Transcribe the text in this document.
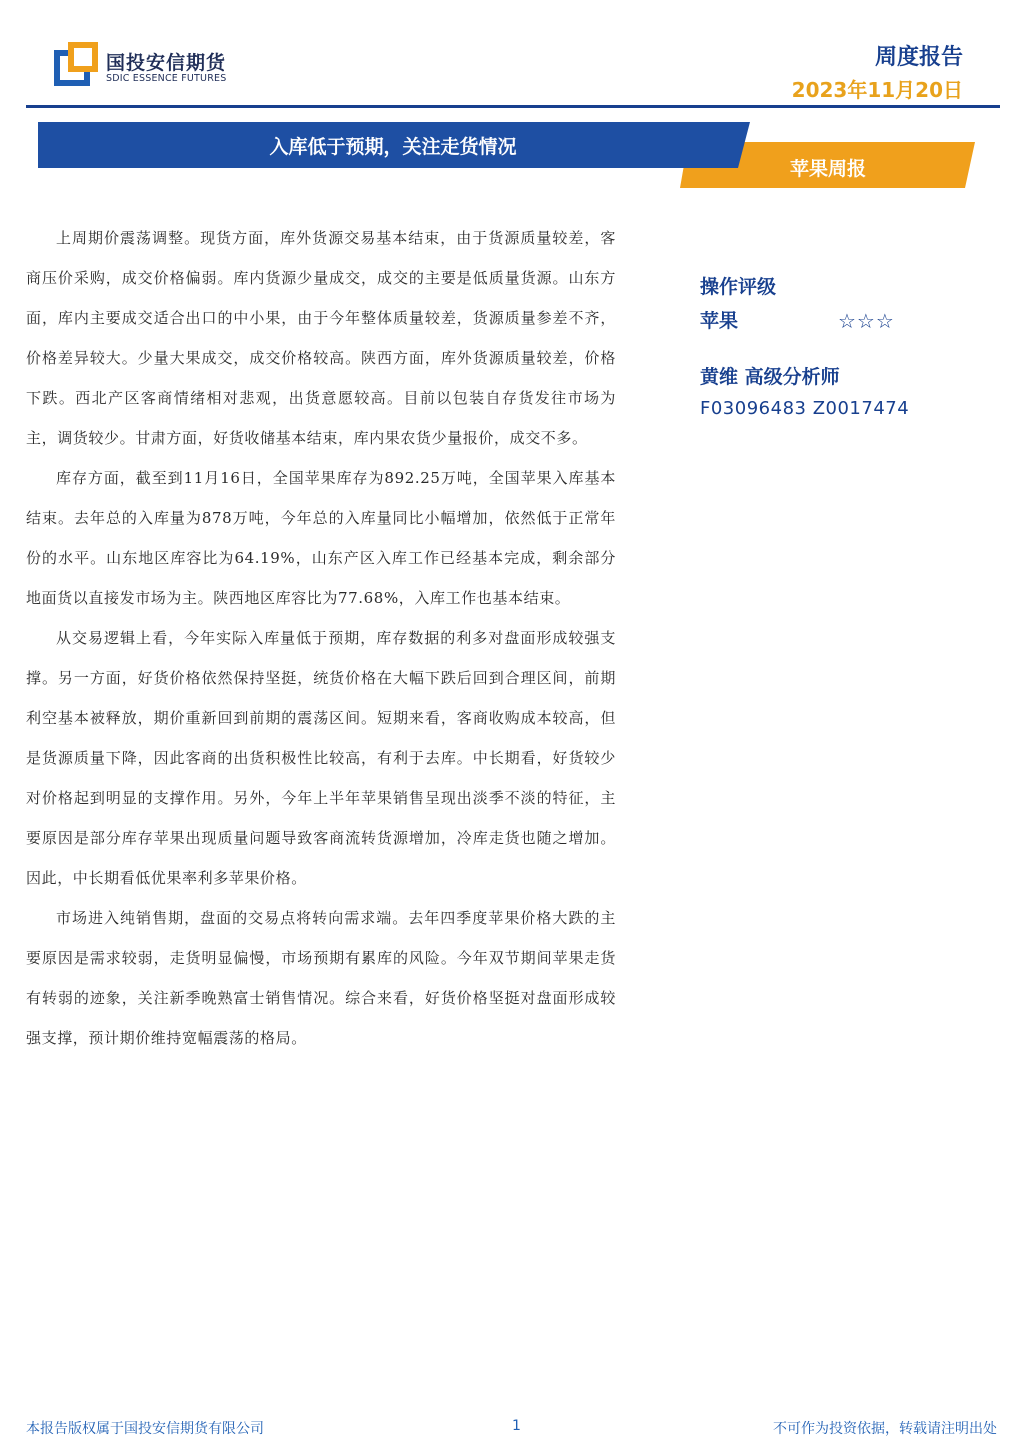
国投安信期货
SDIC ESSENCE FUTURES
周度报告
2023年11月20日
入库低于预期，关注走货情况
苹果周报

上周期价震荡调整。现货方面，库外货源交易基本结束，由于货源质量较差，客商压价采购，成交价格偏弱。库内货源少量成交，成交的主要是低质量货源。山东方面，库内主要成交适合出口的中小果，由于今年整体质量较差，货源质量参差不齐，价格差异较大。少量大果成交，成交价格较高。陕西方面，库外货源质量较差，价格下跌。西北产区客商情绪相对悲观，出货意愿较高。目前以包装自存货发往市场为主，调货较少。甘肃方面，好货收储基本结束，库内果农货少量报价，成交不多。

库存方面，截至到11月16日，全国苹果库存为892.25万吨，全国苹果入库基本结束。去年总的入库量为878万吨，今年总的入库量同比小幅增加，依然低于正常年份的水平。山东地区库容比为64.19%，山东产区入库工作已经基本完成，剩余部分地面货以直接发市场为主。陕西地区库容比为77.68%，入库工作也基本结束。

从交易逻辑上看，今年实际入库量低于预期，库存数据的利多对盘面形成较强支撑。另一方面，好货价格依然保持坚挺，统货价格在大幅下跌后回到合理区间，前期利空基本被释放，期价重新回到前期的震荡区间。短期来看，客商收购成本较高，但是货源质量下降，因此客商的出货积极性比较高，有利于去库。中长期看，好货较少对价格起到明显的支撑作用。另外，今年上半年苹果销售呈现出淡季不淡的特征，主要原因是部分库存苹果出现质量问题导致客商流转货源增加，冷库走货也随之增加。因此，中长期看低优果率利多苹果价格。

市场进入纯销售期，盘面的交易点将转向需求端。去年四季度苹果价格大跌的主要原因是需求较弱，走货明显偏慢，市场预期有累库的风险。今年双节期间苹果走货有转弱的迹象，关注新季晚熟富士销售情况。综合来看，好货价格坚挺对盘面形成较强支撑，预计期价维持宽幅震荡的格局。

操作评级
苹果	☆☆☆
黄维 高级分析师
F03096483 Z0017474
本报告版权属于国投安信期货有限公司	1	不可作为投资依据，转载请注明出处
